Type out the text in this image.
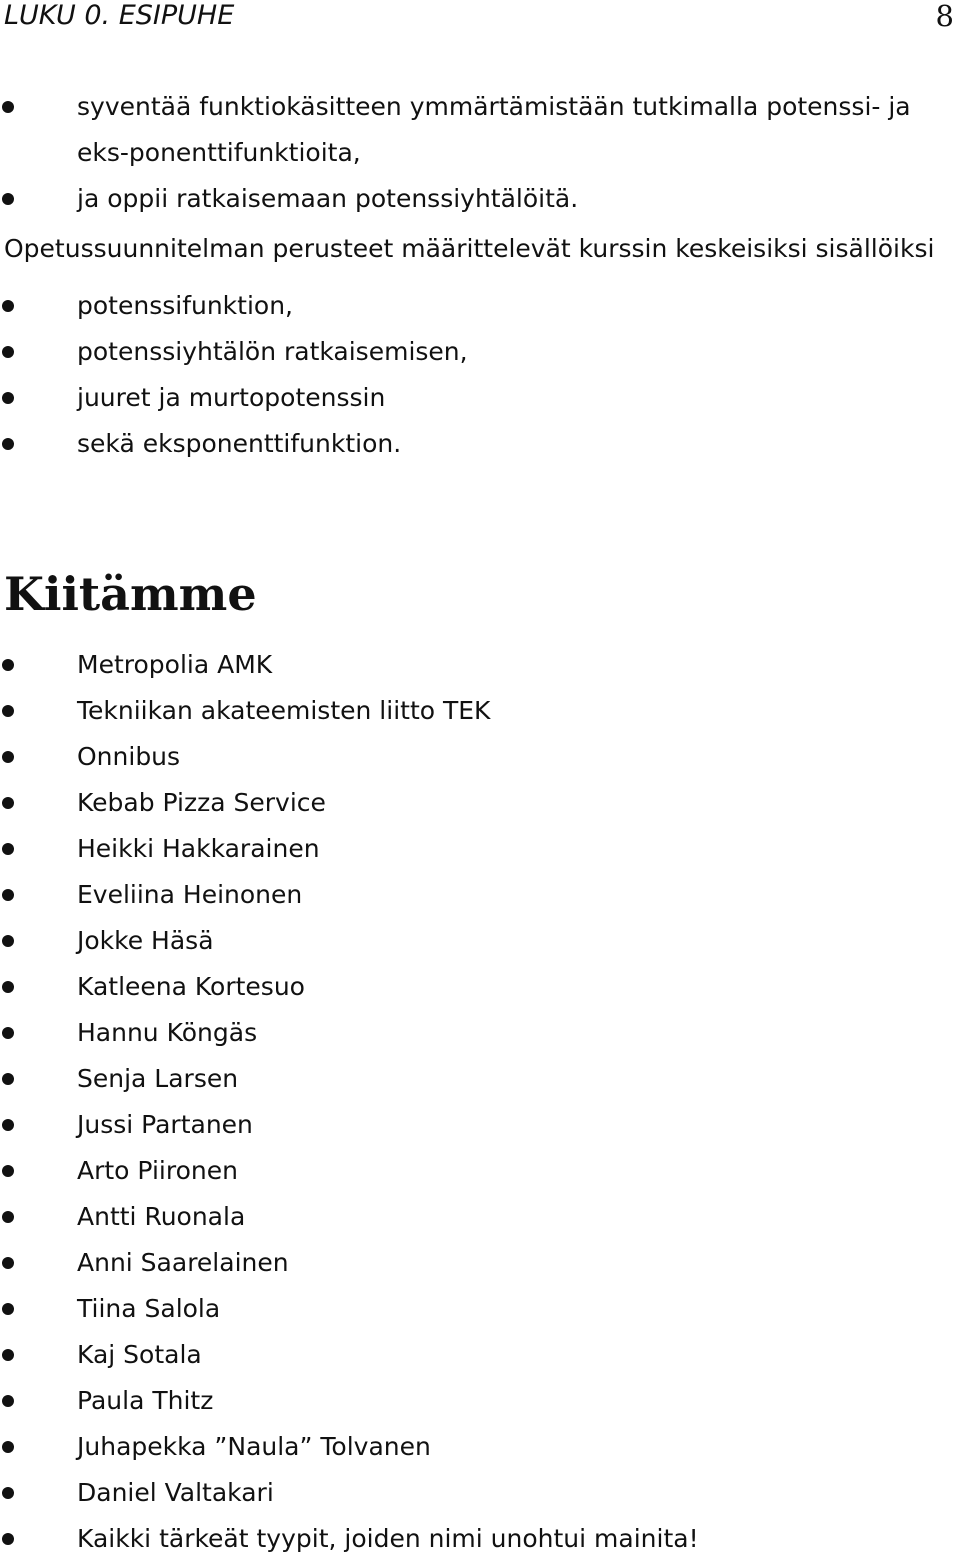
LUKU 0. ESIPUHE	8
syventää funktiokäsitteen ymmärtämistään tutkimalla potenssi- ja eks-ponenttifunktioita,
ja oppii ratkaisemaan potenssiyhtälöitä.
Opetussuunnitelman perusteet määrittelevät kurssin keskeisiksi sisällöiksi
potenssifunktion,
potenssiyhtälön ratkaisemisen,
juuret ja murtopotenssin
sekä eksponenttifunktion.
Kiitämme
Metropolia AMK
Tekniikan akateemisten liitto TEK
Onnibus
Kebab Pizza Service
Heikki Hakkarainen
Eveliina Heinonen
Jokke Häsä
Katleena Kortesuo
Hannu Köngäs
Senja Larsen
Jussi Partanen
Arto Piironen
Antti Ruonala
Anni Saarelainen
Tiina Salola
Kaj Sotala
Paula Thitz
Juhapekka ”Naula” Tolvanen
Daniel Valtakari
Kaikki tärkeät tyypit, joiden nimi unohtui mainita!
